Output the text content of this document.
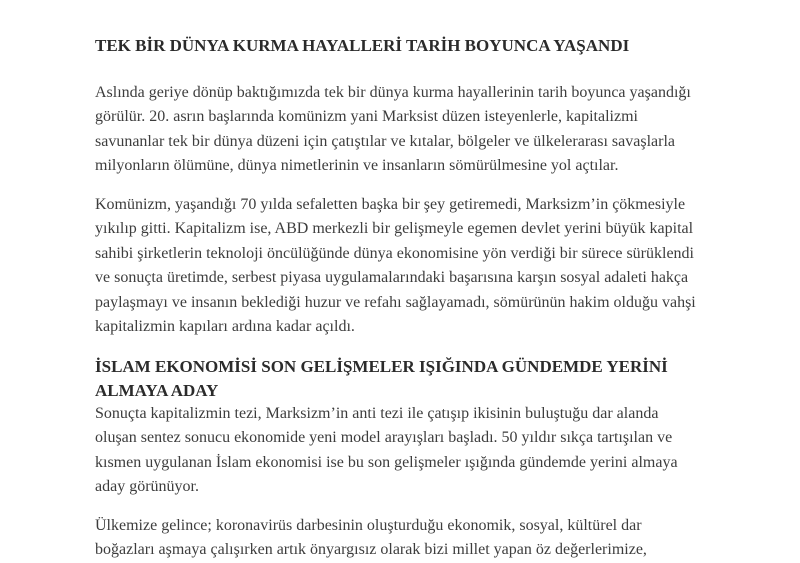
TEK BİR DÜNYA KURMA HAYALLERİ TARİH BOYUNCA YAŞANDI

Aslında geriye dönüp baktığımızda tek bir dünya kurma hayallerinin tarih boyunca yaşandığı
görülür. 20. asrın başlarında komünizm yani Marksist düzen isteyenlerle, kapitalizmi
savunanlar tek bir dünya düzeni için çatıştılar ve kıtalar, bölgeler ve ülkelerarası savaşlarla
milyonların ölümüne, dünya nimetlerinin ve insanların sömürülmesine yol açtılar.

Komünizm, yaşandığı 70 yılda sefaletten başka bir şey getiremedi, Marksizm’in çökmesiyle
yıkılıp gitti. Kapitalizm ise, ABD merkezli bir gelişmeyle egemen devlet yerini büyük kapital
sahibi şirketlerin teknoloji öncülüğünde dünya ekonomisine yön verdiği bir sürece sürüklendi
ve sonuçta üretimde, serbest piyasa uygulamalarındaki başarısına karşın sosyal adaleti hakça
paylaşmayı ve insanın beklediği huzur ve refahı sağlayamadı, sömürünün hakim olduğu vahşi
kapitalizmin kapıları ardına kadar açıldı.

İSLAM EKONOMİSİ SON GELİŞMELER IŞIĞINDA GÜNDEMDE YERİNİ
ALMAYA ADAY

Sonuçta kapitalizmin tezi, Marksizm’in anti tezi ile çatışıp ikisinin buluştuğu dar alanda
oluşan sentez sonucu ekonomide yeni model arayışları başladı. 50 yıldır sıkça tartışılan ve
kısmen uygulanan İslam ekonomisi ise bu son gelişmeler ışığında gündemde yerini almaya
aday görünüyor.

Ülkemize gelince; koronavirüs darbesinin oluşturduğu ekonomik, sosyal, kültürel dar
boğazları aşmaya çalışırken artık önyargısız olarak bizi millet yapan öz değerlerimize,
